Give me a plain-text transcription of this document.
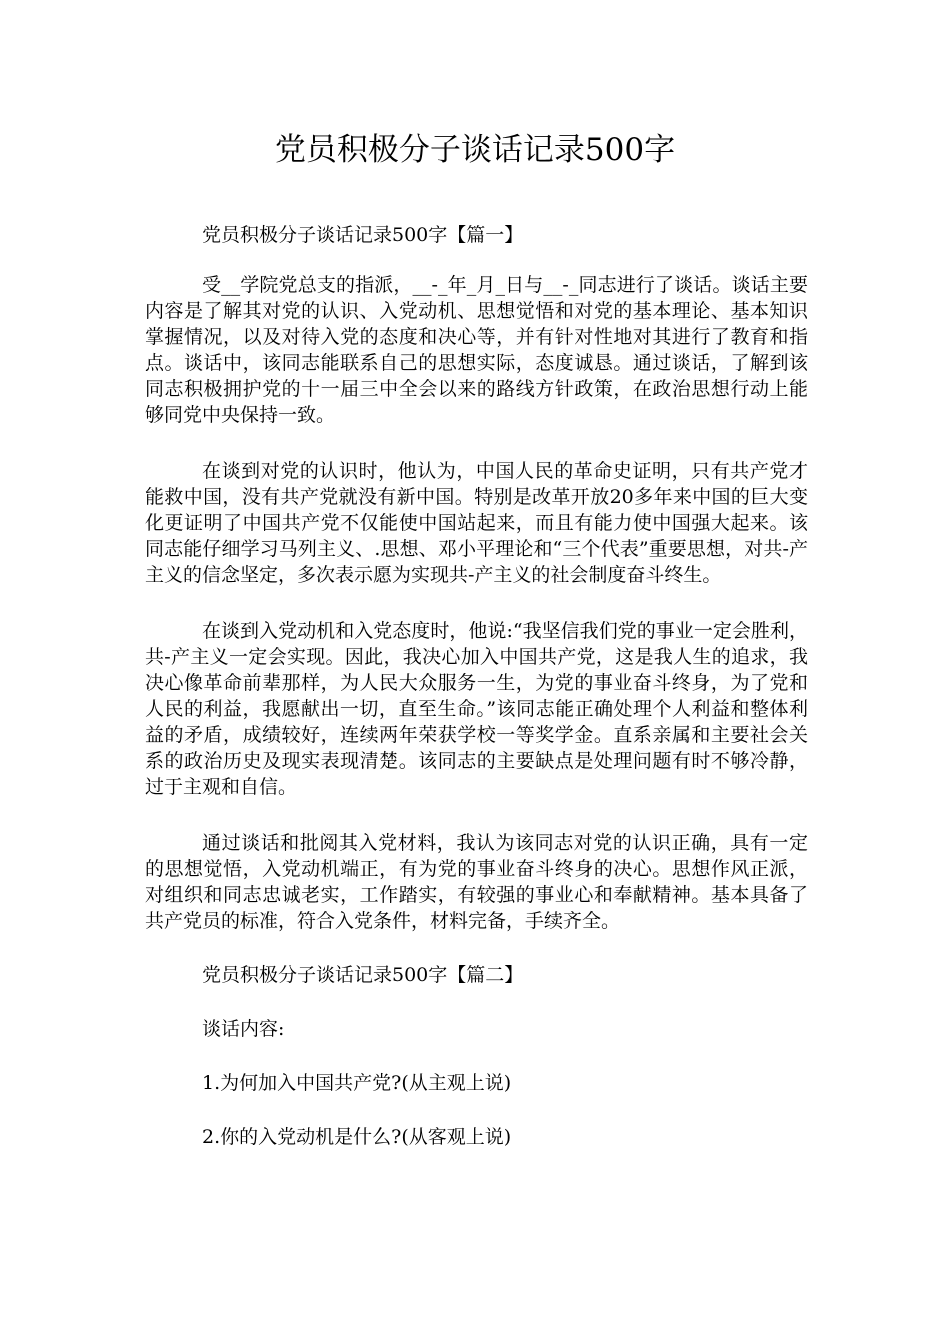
党员积极分子谈话记录500字

党员积极分子谈话记录500字【篇一】

受__学院党总支的指派，__-_年_月_日与__-_同志进行了谈话。谈话主要内容是了解其对党的认识、入党动机、思想觉悟和对党的基本理论、基本知识掌握情况，以及对待入党的态度和决心等，并有针对性地对其进行了教育和指点。谈话中，该同志能联系自己的思想实际，态度诚恳。通过谈话，了解到该同志积极拥护党的十一届三中全会以来的路线方针政策，在政治思想行动上能够同党中央保持一致。

在谈到对党的认识时，他认为，中国人民的革命史证明，只有共产党才能救中国，没有共产党就没有新中国。特别是改革开放20多年来中国的巨大变化更证明了中国共产党不仅能使中国站起来，而且有能力使中国强大起来。该同志能仔细学习马列主义、.思想、邓小平理论和“三个代表”重要思想，对共-产主义的信念坚定，多次表示愿为实现共-产主义的社会制度奋斗终生。

在谈到入党动机和入党态度时，他说:“我坚信我们党的事业一定会胜利，共-产主义一定会实现。因此，我决心加入中国共产党，这是我人生的追求，我决心像革命前辈那样，为人民大众服务一生，为党的事业奋斗终身，为了党和人民的利益，我愿献出一切，直至生命。”该同志能正确处理个人利益和整体利益的矛盾，成绩较好，连续两年荣获学校一等奖学金。直系亲属和主要社会关系的政治历史及现实表现清楚。该同志的主要缺点是处理问题有时不够冷静，过于主观和自信。

通过谈话和批阅其入党材料，我认为该同志对党的认识正确，具有一定的思想觉悟，入党动机端正，有为党的事业奋斗终身的决心。思想作风正派，对组织和同志忠诚老实，工作踏实，有较强的事业心和奉献精神。基本具备了共产党员的标准，符合入党条件，材料完备，手续齐全。

党员积极分子谈话记录500字【篇二】

谈话内容:

1.为何加入中国共产党?(从主观上说)

2.你的入党动机是什么?(从客观上说)
